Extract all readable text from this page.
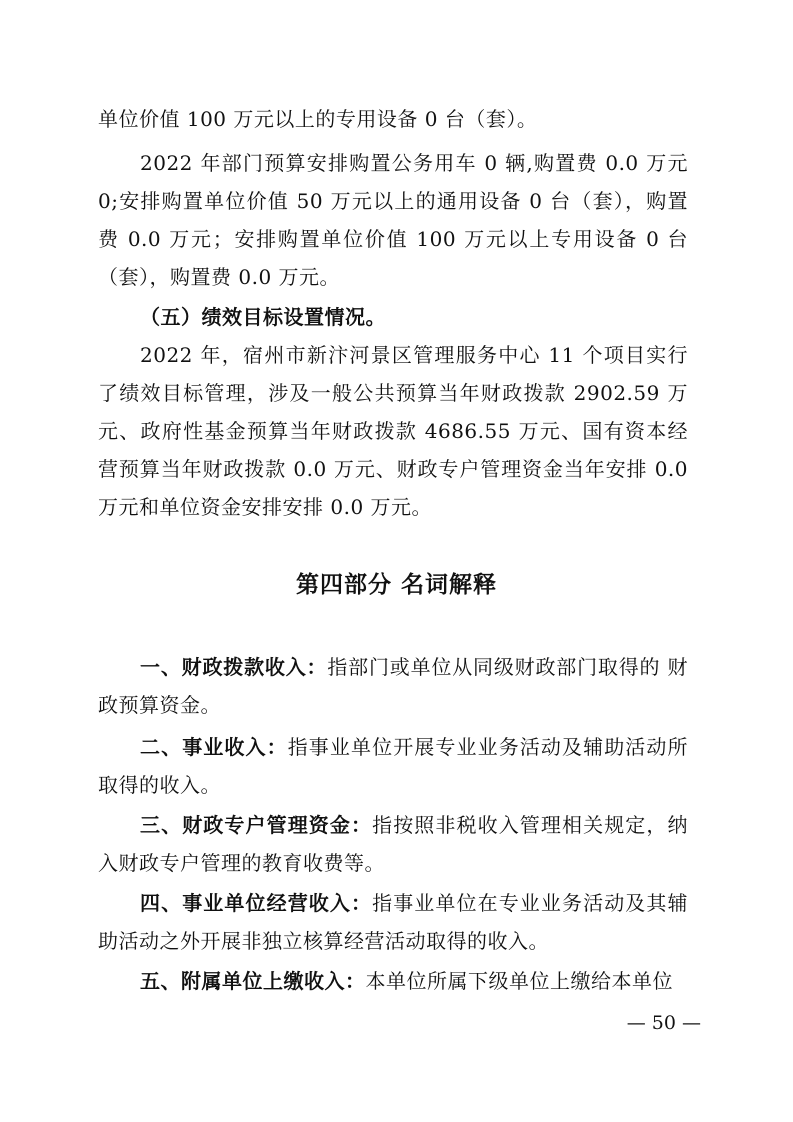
单位价值 100 万元以上的专用设备 0 台（套）。

2022 年部门预算安排购置公务用车 0 辆,购置费 0.0 万元 0;安排购置单位价值 50 万元以上的通用设备 0 台（套），购置费 0.0 万元；安排购置单位价值 100 万元以上专用设备 0 台（套），购置费 0.0 万元。

（五）绩效目标设置情况。

2022 年，宿州市新汴河景区管理服务中心 11 个项目实行了绩效目标管理，涉及一般公共预算当年财政拨款 2902.59 万元、政府性基金预算当年财政拨款 4686.55 万元、国有资本经营预算当年财政拨款 0.0 万元、财政专户管理资金当年安排 0.0 万元和单位资金安排安排 0.0 万元。

第四部分 名词解释

一、财政拨款收入：指部门或单位从同级财政部门取得的 财政预算资金。

二、事业收入：指事业单位开展专业业务活动及辅助活动所取得的收入。

三、财政专户管理资金：指按照非税收入管理相关规定，纳入财政专户管理的教育收费等。

四、事业单位经营收入：指事业单位在专业业务活动及其辅助活动之外开展非独立核算经营活动取得的收入。

五、附属单位上缴收入：本单位所属下级单位上缴给本单位

— 50 —
